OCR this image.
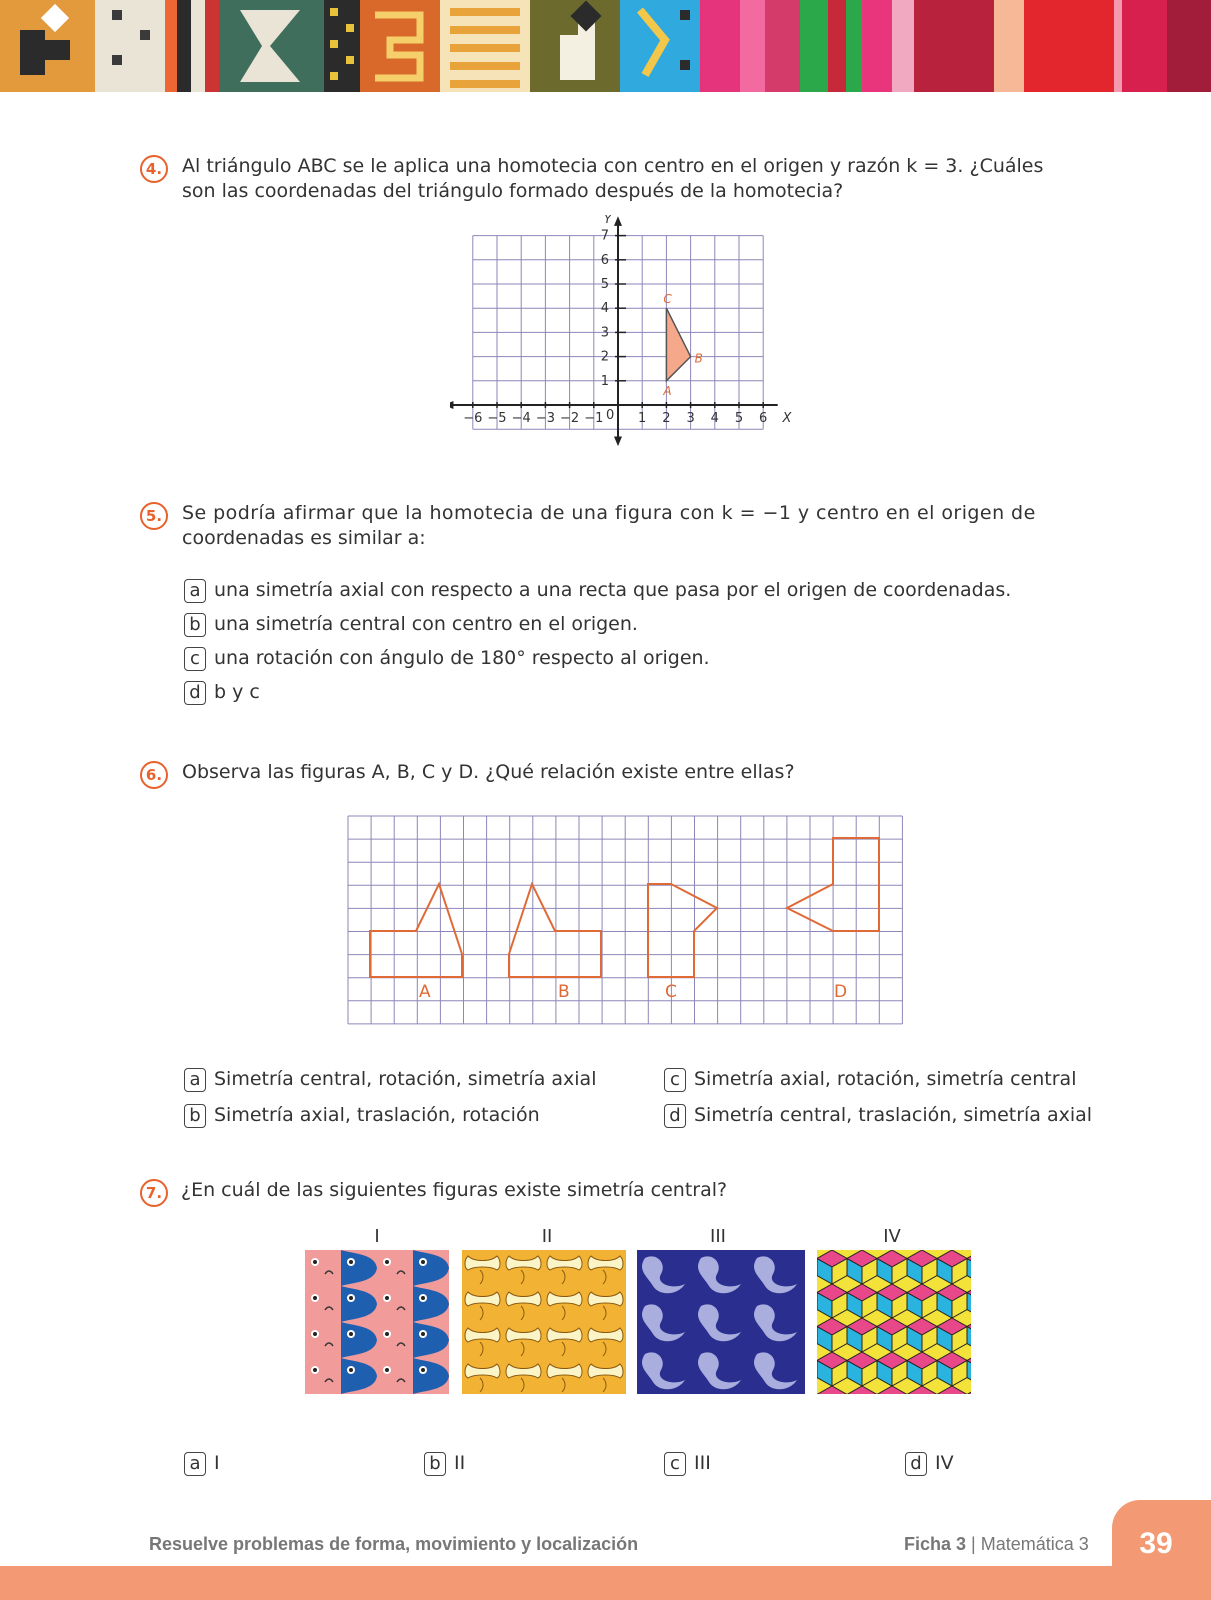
4.	Al triángulo ABC se le aplica una homotecia con centro en el origen y razón k = 3. ¿Cuáles
son las coordenadas del triángulo formado después de la homotecia?
−6 −5 −4 −3 −2 −1	1 2 3 4 5 6
1
2
3
4
5
6
7
A
B
C
X
Y
0
5.	Se podría afirmar que la homotecia de una figura con k = −1 y centro en el origen de
coordenadas es similar a:
a una simetría axial con respecto a una recta que pasa por el origen de coordenadas.
b una simetría central con centro en el origen.
c una rotación con ángulo de 180° respecto al origen.
d b y c
6.	Observa las figuras A, B, C y D. ¿Qué relación existe entre ellas?
A	B	C	D
a Simetría central, rotación, simetría axial
b Simetría axial, traslación, rotación
c Simetría axial, rotación, simetría central
d Simetría central, traslación, simetría axial
7. ¿En cuál de las siguientes figuras existe simetría central?
I	II	III	IV
a I	b II	c III	d IV
39
Resuelve problemas de forma, movimiento y localización	Ficha 3 | Matemática 3
